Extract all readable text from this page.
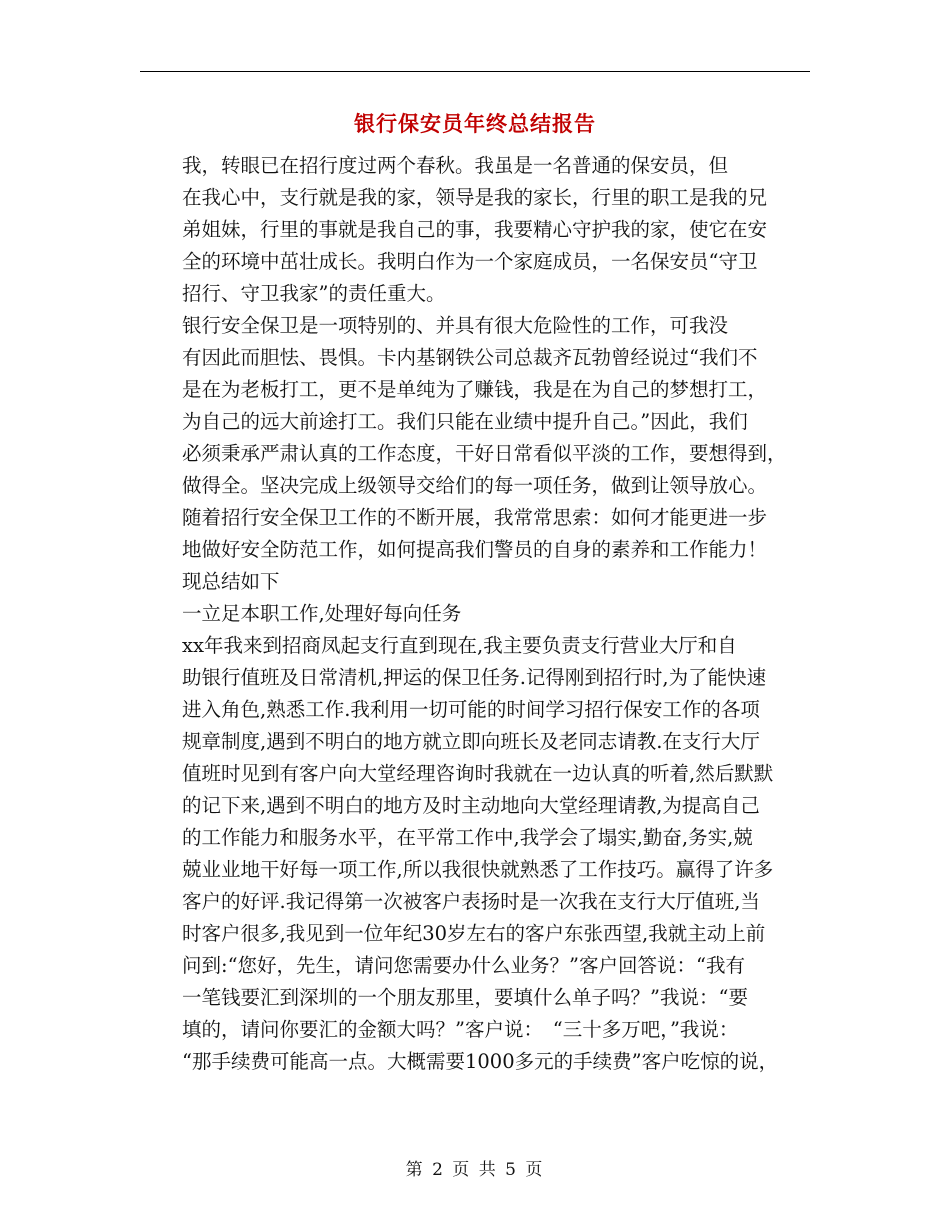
银行保安员年终总结报告

我，转眼已在招行度过两个春秋。我虽是一名普通的保安员，但
在我心中，支行就是我的家，领导是我的家长，行里的职工是我的兄
弟姐妹，行里的事就是我自己的事，我要精心守护我的家，使它在安
全的环境中茁壮成长。我明白作为一个家庭成员，一名保安员“守卫
招行、守卫我家”的责任重大。

银行安全保卫是一项特别的、并具有很大危险性的工作，可我没
有因此而胆怯、畏惧。卡内基钢铁公司总裁齐瓦勃曾经说过“我们不
是在为老板打工，更不是单纯为了赚钱，我是在为自己的梦想打工，
为自己的远大前途打工。我们只能在业绩中提升自己。”因此，我们
必须秉承严肃认真的工作态度，干好日常看似平淡的工作，要想得到，
做得全。坚决完成上级领导交给们的每一项任务，做到让领导放心。
随着招行安全保卫工作的不断开展，我常常思索：如何才能更进一步
地做好安全防范工作，如何提高我们警员的自身的素养和工作能力！
现总结如下

一立足本职工作,处理好每向任务

xx年我来到招商凤起支行直到现在,我主要负责支行营业大厅和自
助银行值班及日常清机,押运的保卫任务.记得刚到招行时,为了能快速
进入角色,熟悉工作.我利用一切可能的时间学习招行保安工作的各项
规章制度,遇到不明白的地方就立即向班长及老同志请教.在支行大厅
值班时见到有客户向大堂经理咨询时我就在一边认真的听着,然后默默
的记下来,遇到不明白的地方及时主动地向大堂经理请教,为提高自己
的工作能力和服务水平，在平常工作中,我学会了塌实,勤奋,务实,兢
兢业业地干好每一项工作,所以我很快就熟悉了工作技巧。赢得了许多
客户的好评.我记得第一次被客户表扬时是一次我在支行大厅值班,当
时客户很多,我见到一位年纪30岁左右的客户东张西望,我就主动上前
问到:“您好，先生，请问您需要办什么业务？”客户回答说：“我有
一笔钱要汇到深圳的一个朋友那里，要填什么单子吗？”我说：“要
填的，请问你要汇的金额大吗？”客户说：　“三十多万吧，”我说：
“那手续费可能高一点。大概需要1000多元的手续费”客户吃惊的说，

第 2 页 共 5 页
